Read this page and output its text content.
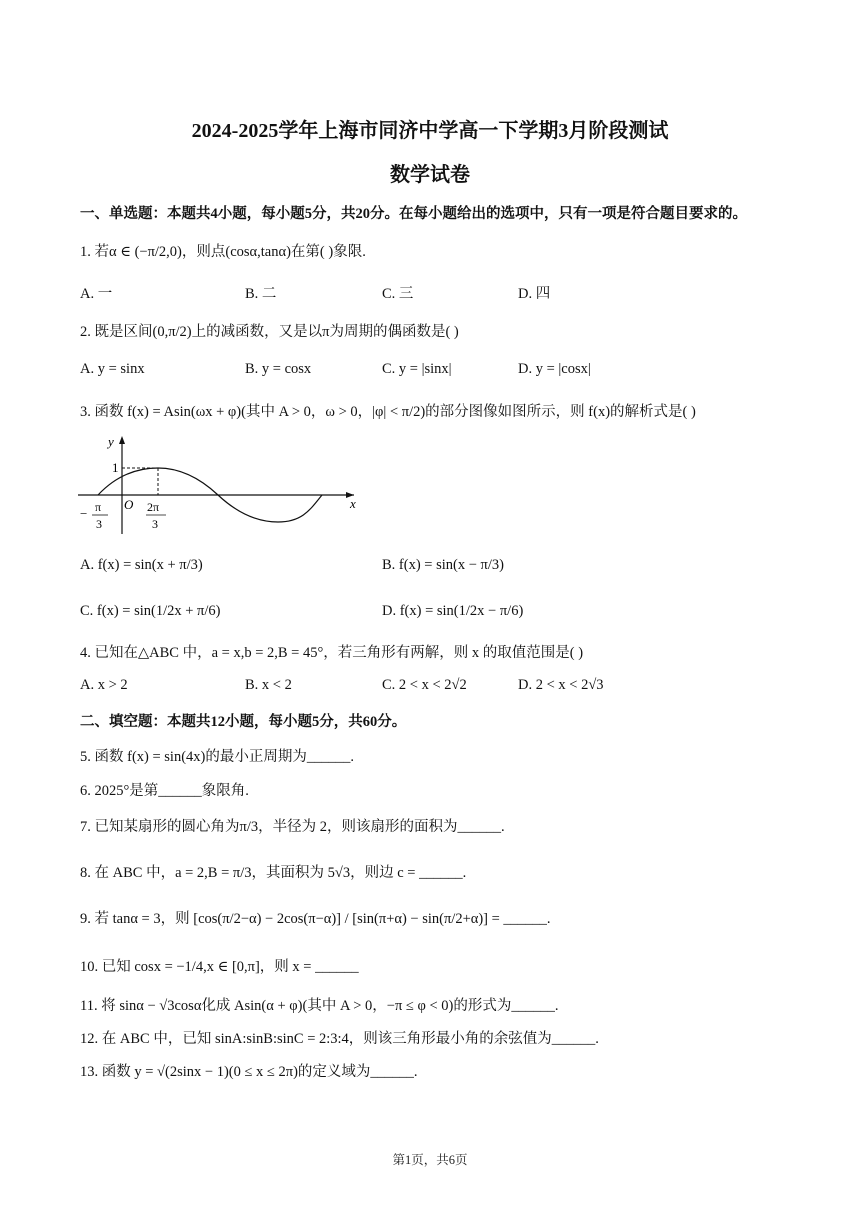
2024-2025学年上海市同济中学高一下学期3月阶段测试
数学试卷
一、单选题：本题共4小题，每小题5分，共20分。在每小题给出的选项中，只有一项是符合题目要求的。
1. 若α ∈ (−π/2,0)，则点(cosα,tanα)在第( )象限.
A. 一	B. 二	C. 三	D. 四
2. 既是区间(0,π/2)上的减函数，又是以π为周期的偶函数是( )
A. y = sinx	B. y = cosx	C. y = |sinx|	D. y = |cosx|
3. 函数 f(x) = Asin(ωx + φ)(其中 A > 0，ω > 0，|φ| < π/2)的部分图像如图所示，则 f(x)的解析式是( )
y
x
1
O
− π
3
2π
3
A. f(x) = sin(x + π/3)	B. f(x) = sin(x − π/3)
C. f(x) = sin(1/2x + π/6)	D. f(x) = sin(1/2x − π/6)
4. 已知在△ABC 中，a = x,b = 2,B = 45°，若三角形有两解，则 x 的取值范围是( )
A. x > 2	B. x < 2	C. 2 < x < 2√2	D. 2 < x < 2√3
二、填空题：本题共12小题，每小题5分，共60分。
5. 函数 f(x) = sin(4x)的最小正周期为______.
6. 2025°是第______象限角.
7. 已知某扇形的圆心角为π/3，半径为 2，则该扇形的面积为______.
8. 在 ABC 中，a = 2,B = π/3，其面积为 5√3，则边 c = ______.
9. 若 tanα = 3，则 [cos(π/2−α) − 2cos(π−α)] / [sin(π+α) − sin(π/2+α)] = ______.
10. 已知 cosx = −1/4,x ∈ [0,π]，则 x = ______
11. 将 sinα − √3cosα化成 Asin(α + φ)(其中 A > 0，−π ≤ φ < 0)的形式为______.
12. 在 ABC 中，已知 sinA:sinB:sinC = 2:3:4，则该三角形最小角的余弦值为______.
13. 函数 y = √(2sinx − 1)(0 ≤ x ≤ 2π)的定义域为______.
第1页，共6页
